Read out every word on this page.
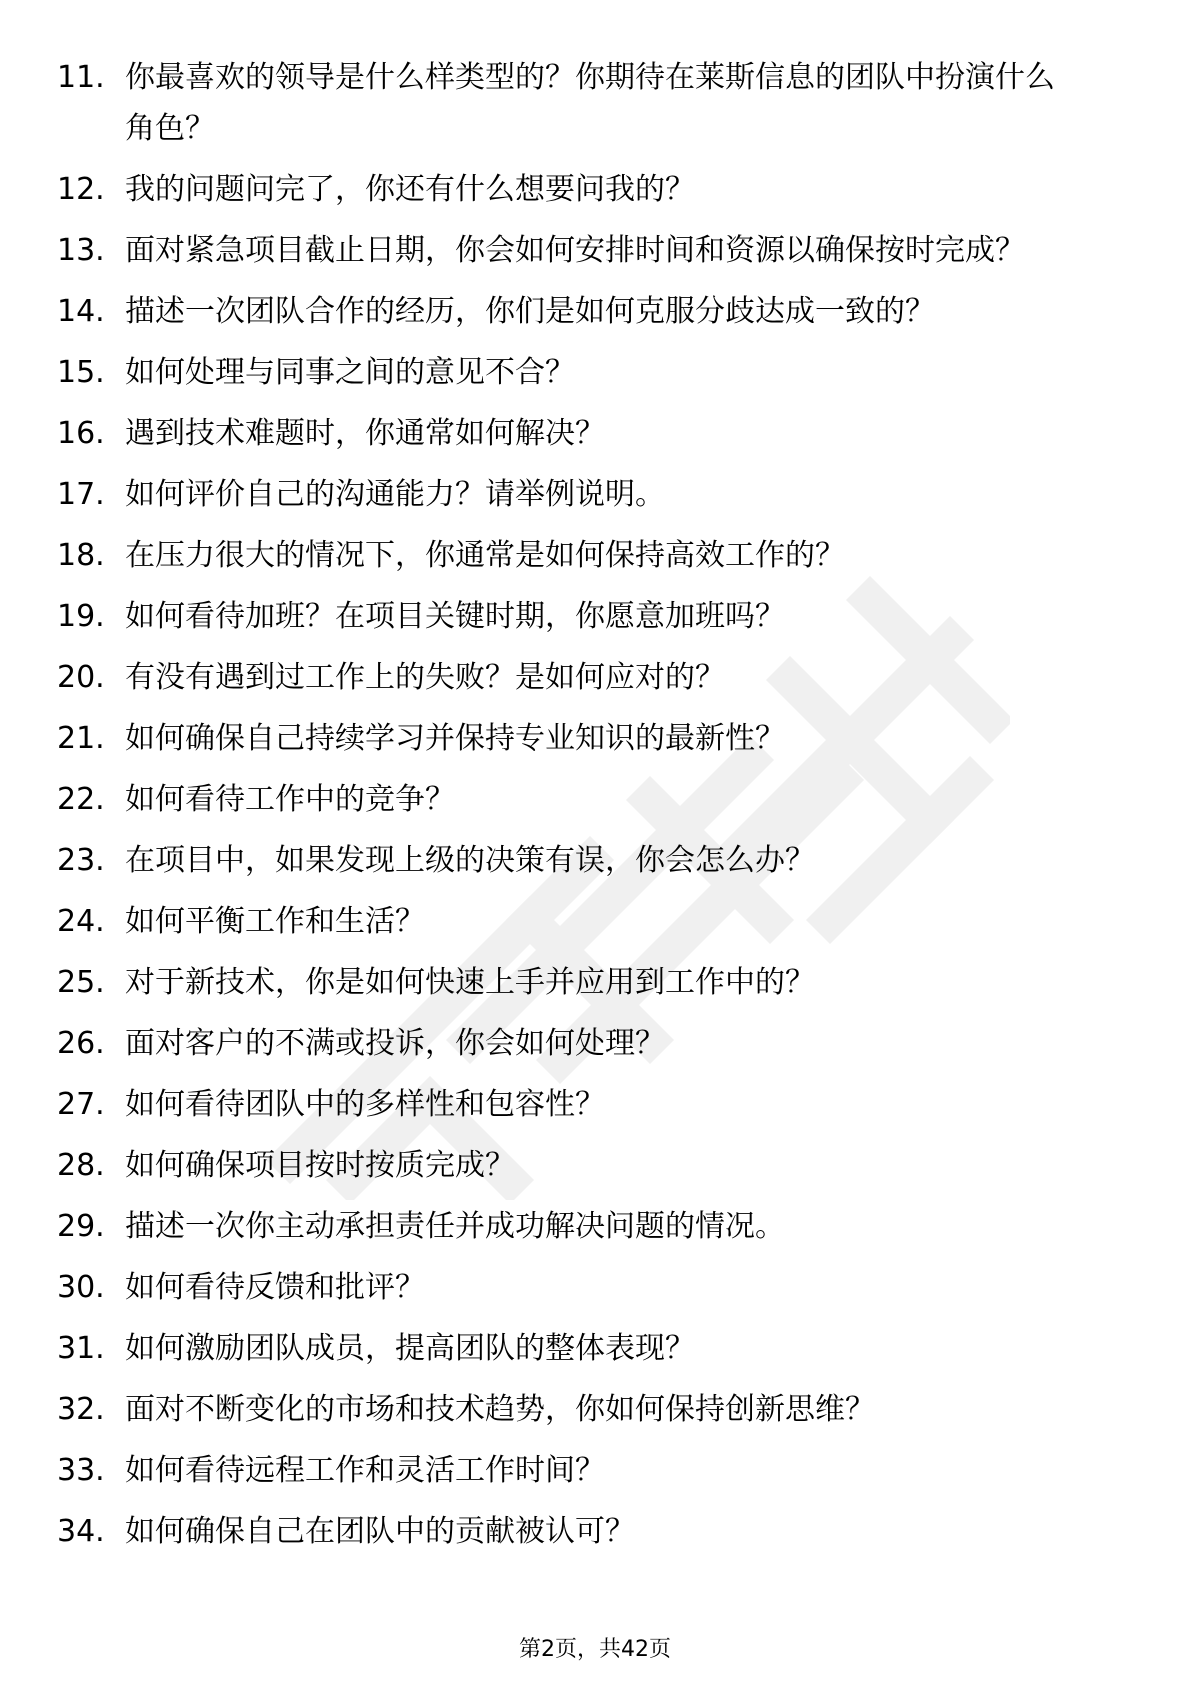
11. 你最喜欢的领导是什么样类型的？你期待在莱斯信息的团队中扮演什么角色？
12. 我的问题问完了，你还有什么想要问我的？
13. 面对紧急项目截止日期，你会如何安排时间和资源以确保按时完成？
14. 描述一次团队合作的经历，你们是如何克服分歧达成一致的？
15. 如何处理与同事之间的意见不合？
16. 遇到技术难题时，你通常如何解决？
17. 如何评价自己的沟通能力？请举例说明。
18. 在压力很大的情况下，你通常是如何保持高效工作的？
19. 如何看待加班？在项目关键时期，你愿意加班吗？
20. 有没有遇到过工作上的失败？是如何应对的？
21. 如何确保自己持续学习并保持专业知识的最新性？
22. 如何看待工作中的竞争？
23. 在项目中，如果发现上级的决策有误，你会怎么办？
24. 如何平衡工作和生活？
25. 对于新技术，你是如何快速上手并应用到工作中的？
26. 面对客户的不满或投诉，你会如何处理？
27. 如何看待团队中的多样性和包容性？
28. 如何确保项目按时按质完成？
29. 描述一次你主动承担责任并成功解决问题的情况。
30. 如何看待反馈和批评？
31. 如何激励团队成员，提高团队的整体表现？
32. 面对不断变化的市场和技术趋势，你如何保持创新思维？
33. 如何看待远程工作和灵活工作时间？
34. 如何确保自己在团队中的贡献被认可？
第2页，共42页
